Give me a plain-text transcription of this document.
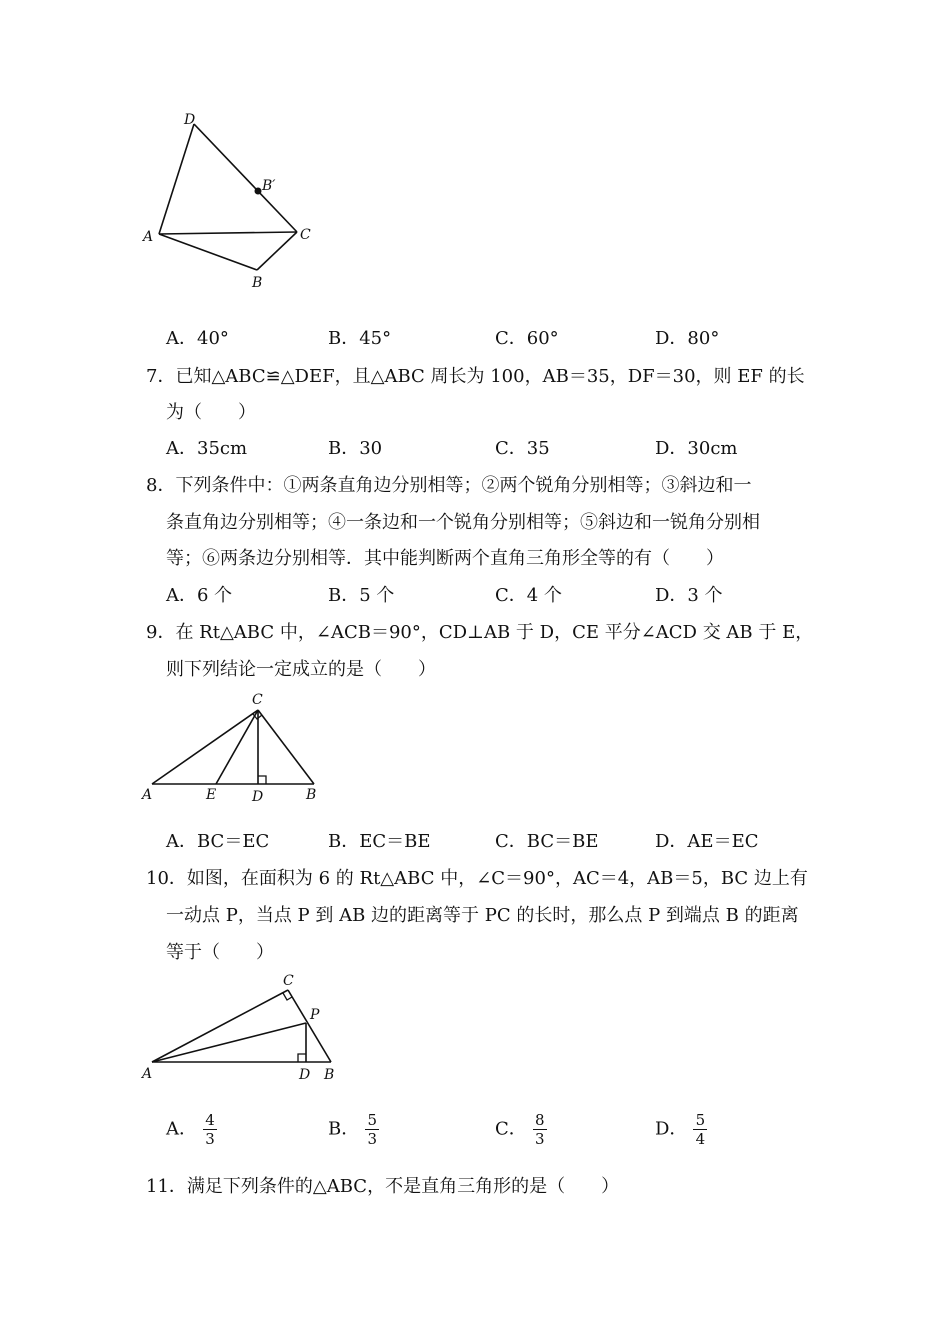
D
B′
A	C
B
A．40°	B．45°	C．60°	D．80°
7．已知△ABC≌△DEF，且△ABC 周长为 100，AB＝35，DF＝30，则 EF 的长
为（　　）
A．35cm	B．30	C．35	D．30cm
8．下列条件中：①两条直角边分别相等；②两个锐角分别相等；③斜边和一
条直角边分别相等；④一条边和一个锐角分别相等；⑤斜边和一锐角分别相
等；⑥两条边分别相等．其中能判断两个直角三角形全等的有（　　）
A．6 个	B．5 个	C．4 个	D．3 个
9．在 Rt△ABC 中，∠ACB＝90°，CD⊥AB 于 D，CE 平分∠ACD 交 AB 于 E，
则下列结论一定成立的是（　　）
C
A	E	D	B
A．BC＝EC	B．EC＝BE	C．BC＝BE	D．AE＝EC
10．如图，在面积为 6 的 Rt△ABC 中，∠C＝90°，AC＝4，AB＝5，BC 边上有
一动点 P，当点 P 到 AB 边的距离等于 PC 的长时，那么点 P 到端点 B 的距离
等于（　　）
C
P
A	D B
A． $\frac{4}{3}$	B． $\frac{5}{3}$	C． $\frac{8}{3}$	D． $\frac{5}{4}$
11．满足下列条件的△ABC，不是直角三角形的是（　　）
